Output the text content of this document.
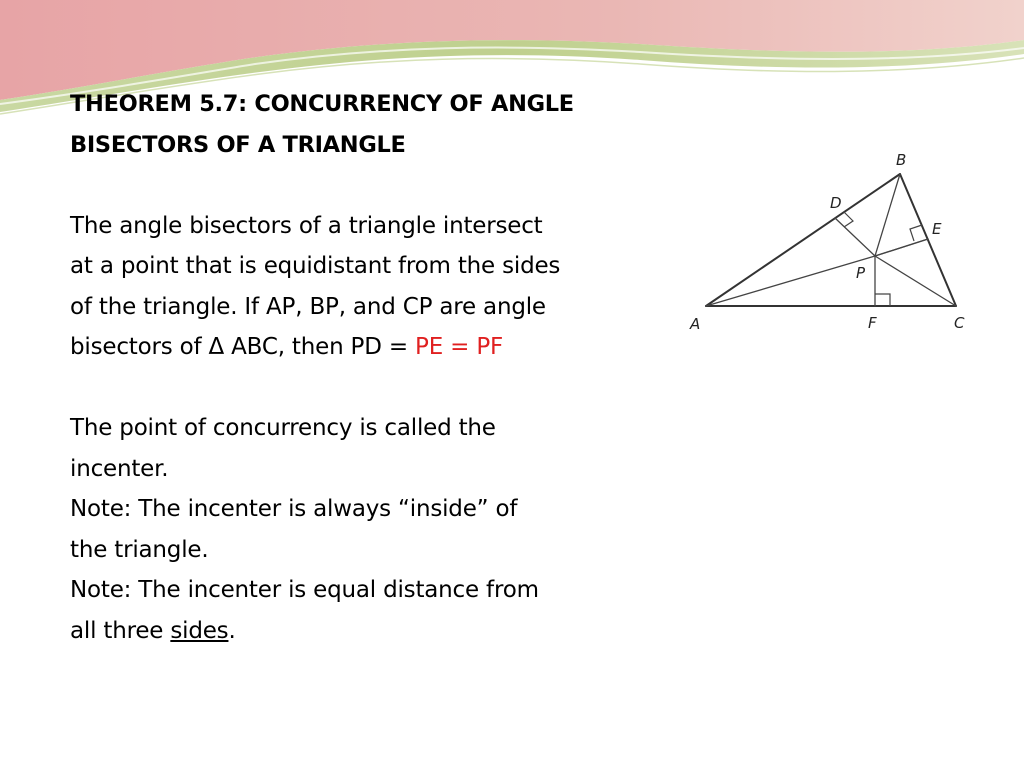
THEOREM 5.7: CONCURRENCY OF ANGLE
BISECTORS OF A TRIANGLE
The angle bisectors of a triangle intersect
at a point that is equidistant from the sides
of the triangle. If AP, BP, and CP are angle
bisectors of Δ ABC, then PD = PE = PF
The point of concurrency is called the
incenter.
Note: The incenter is always “inside” of
the triangle.
Note: The incenter is equal distance from
all three sides.
A
B
C
D
E
F
P
